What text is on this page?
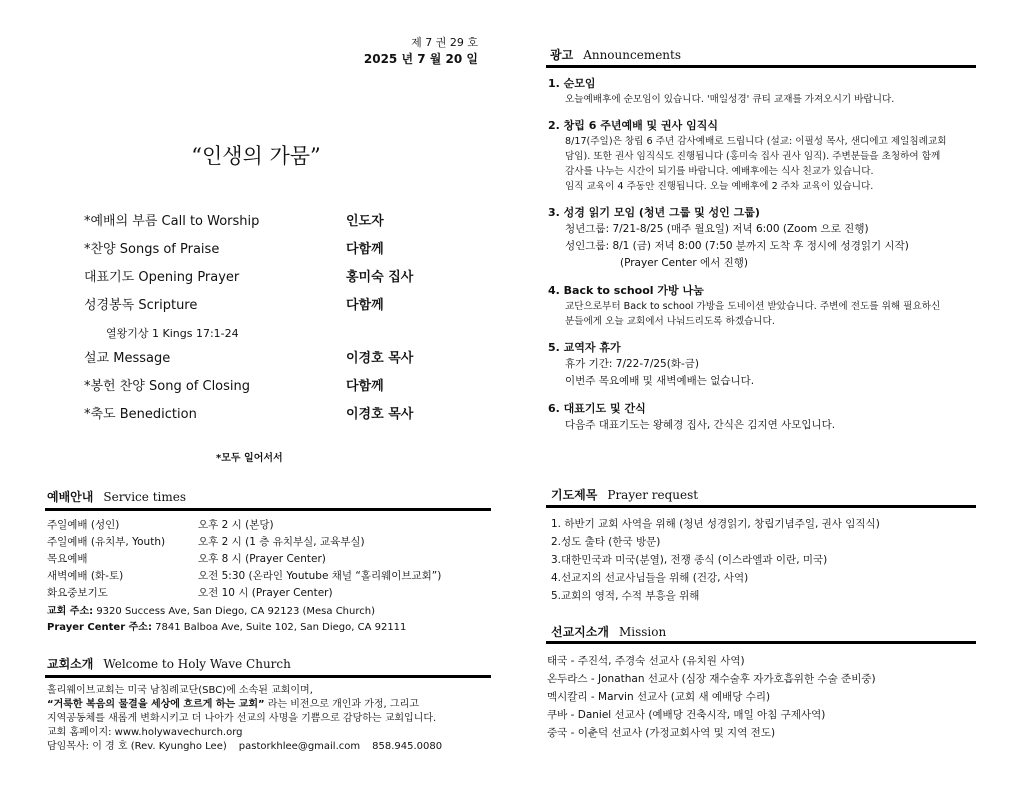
제 7 권 29 호
2025 년 7 월 20 일
“인생의 가뭄”
*예배의 부름 Call to Worship	인도자
*찬양 Songs of Praise	다함께
대표기도 Opening Prayer	홍미숙 집사
성경봉독 Scripture	다함께
열왕기상 1 Kings 17:1-24
설교 Message	이경호 목사
*봉헌 찬양 Song of Closing	다함께
*축도 Benediction	이경호 목사
*모두 일어서서
예배안내 Service times
주일예배 (성인)	오후 2 시 (본당)
주일예배 (유치부, Youth)	오후 2 시 (1 층 유치부실, 교육부실)
목요예배	오후 8 시 (Prayer Center)
새벽예배 (화-토)	오전 5:30 (온라인 Youtube 채널 “홀리웨이브교회”)
화요중보기도	오전 10 시 (Prayer Center)
교회 주소: 9320 Success Ave, San Diego, CA 92123 (Mesa Church)
Prayer Center 주소: 7841 Balboa Ave, Suite 102, San Diego, CA 92111
교회소개 Welcome to Holy Wave Church
홀리웨이브교회는 미국 남침례교단(SBC)에 소속된 교회이며,
“거룩한 복음의 물결을 세상에 흐르게 하는 교회” 라는 비전으로 개인과 가정, 그리고
지역공동체를 새롭게 변화시키고 더 나아가 선교의 사명을 기쁨으로 감당하는 교회입니다.
교회 홈페이지: www.holywavechurch.org
담임목사: 이 경 호 (Rev. Kyungho Lee) pastorkhlee@gmail.com 858.945.0080
광고 Announcements
1. 순모임
오늘예배후에 순모임이 있습니다. '매일성경' 큐티 교재를 가져오시기 바랍니다.
2. 창립 6 주년예배 및 권사 임직식
8/17(주일)은 창립 6 주년 감사예배로 드립니다 (설교: 이필성 목사, 샌디에고 제일침례교회
담임). 또한 권사 임직식도 진행됩니다 (홍미숙 집사 권사 임직). 주변분들을 초청하여 함께
감사를 나누는 시간이 되기를 바랍니다. 예배후에는 식사 친교가 있습니다.
임직 교육이 4 주동안 진행됩니다. 오늘 예배후에 2 주차 교육이 있습니다.
3. 성경 읽기 모임 (청년 그룹 및 성인 그룹)
청년그룹: 7/21-8/25 (매주 월요일) 저녁 6:00 (Zoom 으로 진행)
성인그룹: 8/1 (금) 저녁 8:00 (7:50 분까지 도착 후 정시에 성경읽기 시작)
(Prayer Center 에서 진행)
4. Back to school 가방 나눔
교단으로부터 Back to school 가방을 도네이션 받았습니다. 주변에 전도를 위해 필요하신
분들에게 오늘 교회에서 나눠드리도록 하겠습니다.
5. 교역자 휴가
휴가 기간: 7/22-7/25(화-금)
이번주 목요예배 및 새벽예배는 없습니다.
6. 대표기도 및 간식
다음주 대표기도는 왕혜경 집사, 간식은 김지연 사모입니다.
기도제목 Prayer request
1. 하반기 교회 사역을 위해 (청년 성경읽기, 창립기념주일, 권사 임직식)
2.성도 출타 (한국 방문)
3.대한민국과 미국(분열), 전쟁 종식 (이스라엘과 이란, 미국)
4.선교지의 선교사님들을 위해 (건강, 사역)
5.교회의 영적, 수적 부흥을 위해
선교지소개 Mission
태국 - 주진석, 주경숙 선교사 (유치원 사역)
온두라스 - Jonathan 선교사 (심장 재수술후 자가호흡위한 수술 준비중)
멕시칼리 - Marvin 선교사 (교회 새 예배당 수리)
쿠바 - Daniel 선교사 (예배당 건축시작, 매일 아침 구제사역)
중국 - 이춘덕 선교사 (가정교회사역 및 지역 전도)
